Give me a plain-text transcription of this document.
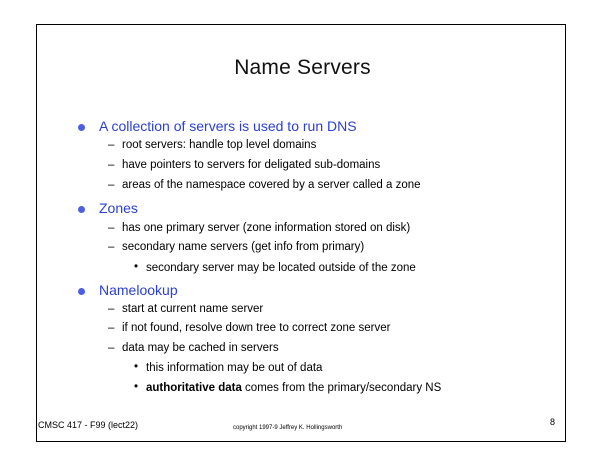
Name Servers
A collection of servers is used to run DNS
– root servers: handle top level domains
– have pointers to servers for deligated sub-domains
– areas of the namespace covered by a server called a zone
Zones
– has one primary server (zone information stored on disk)
– secondary name servers (get info from primary)
• secondary server may be located outside of the zone
Namelookup
– start at current name server
– if not found, resolve down tree to correct zone server
– data may be cached in servers
• this information may be out of data
• authoritative data comes from the primary/secondary NS
CMSC 417 - F99 (lect22)	copyright 1997-9 Jeffrey K. Hollingsworth
8
